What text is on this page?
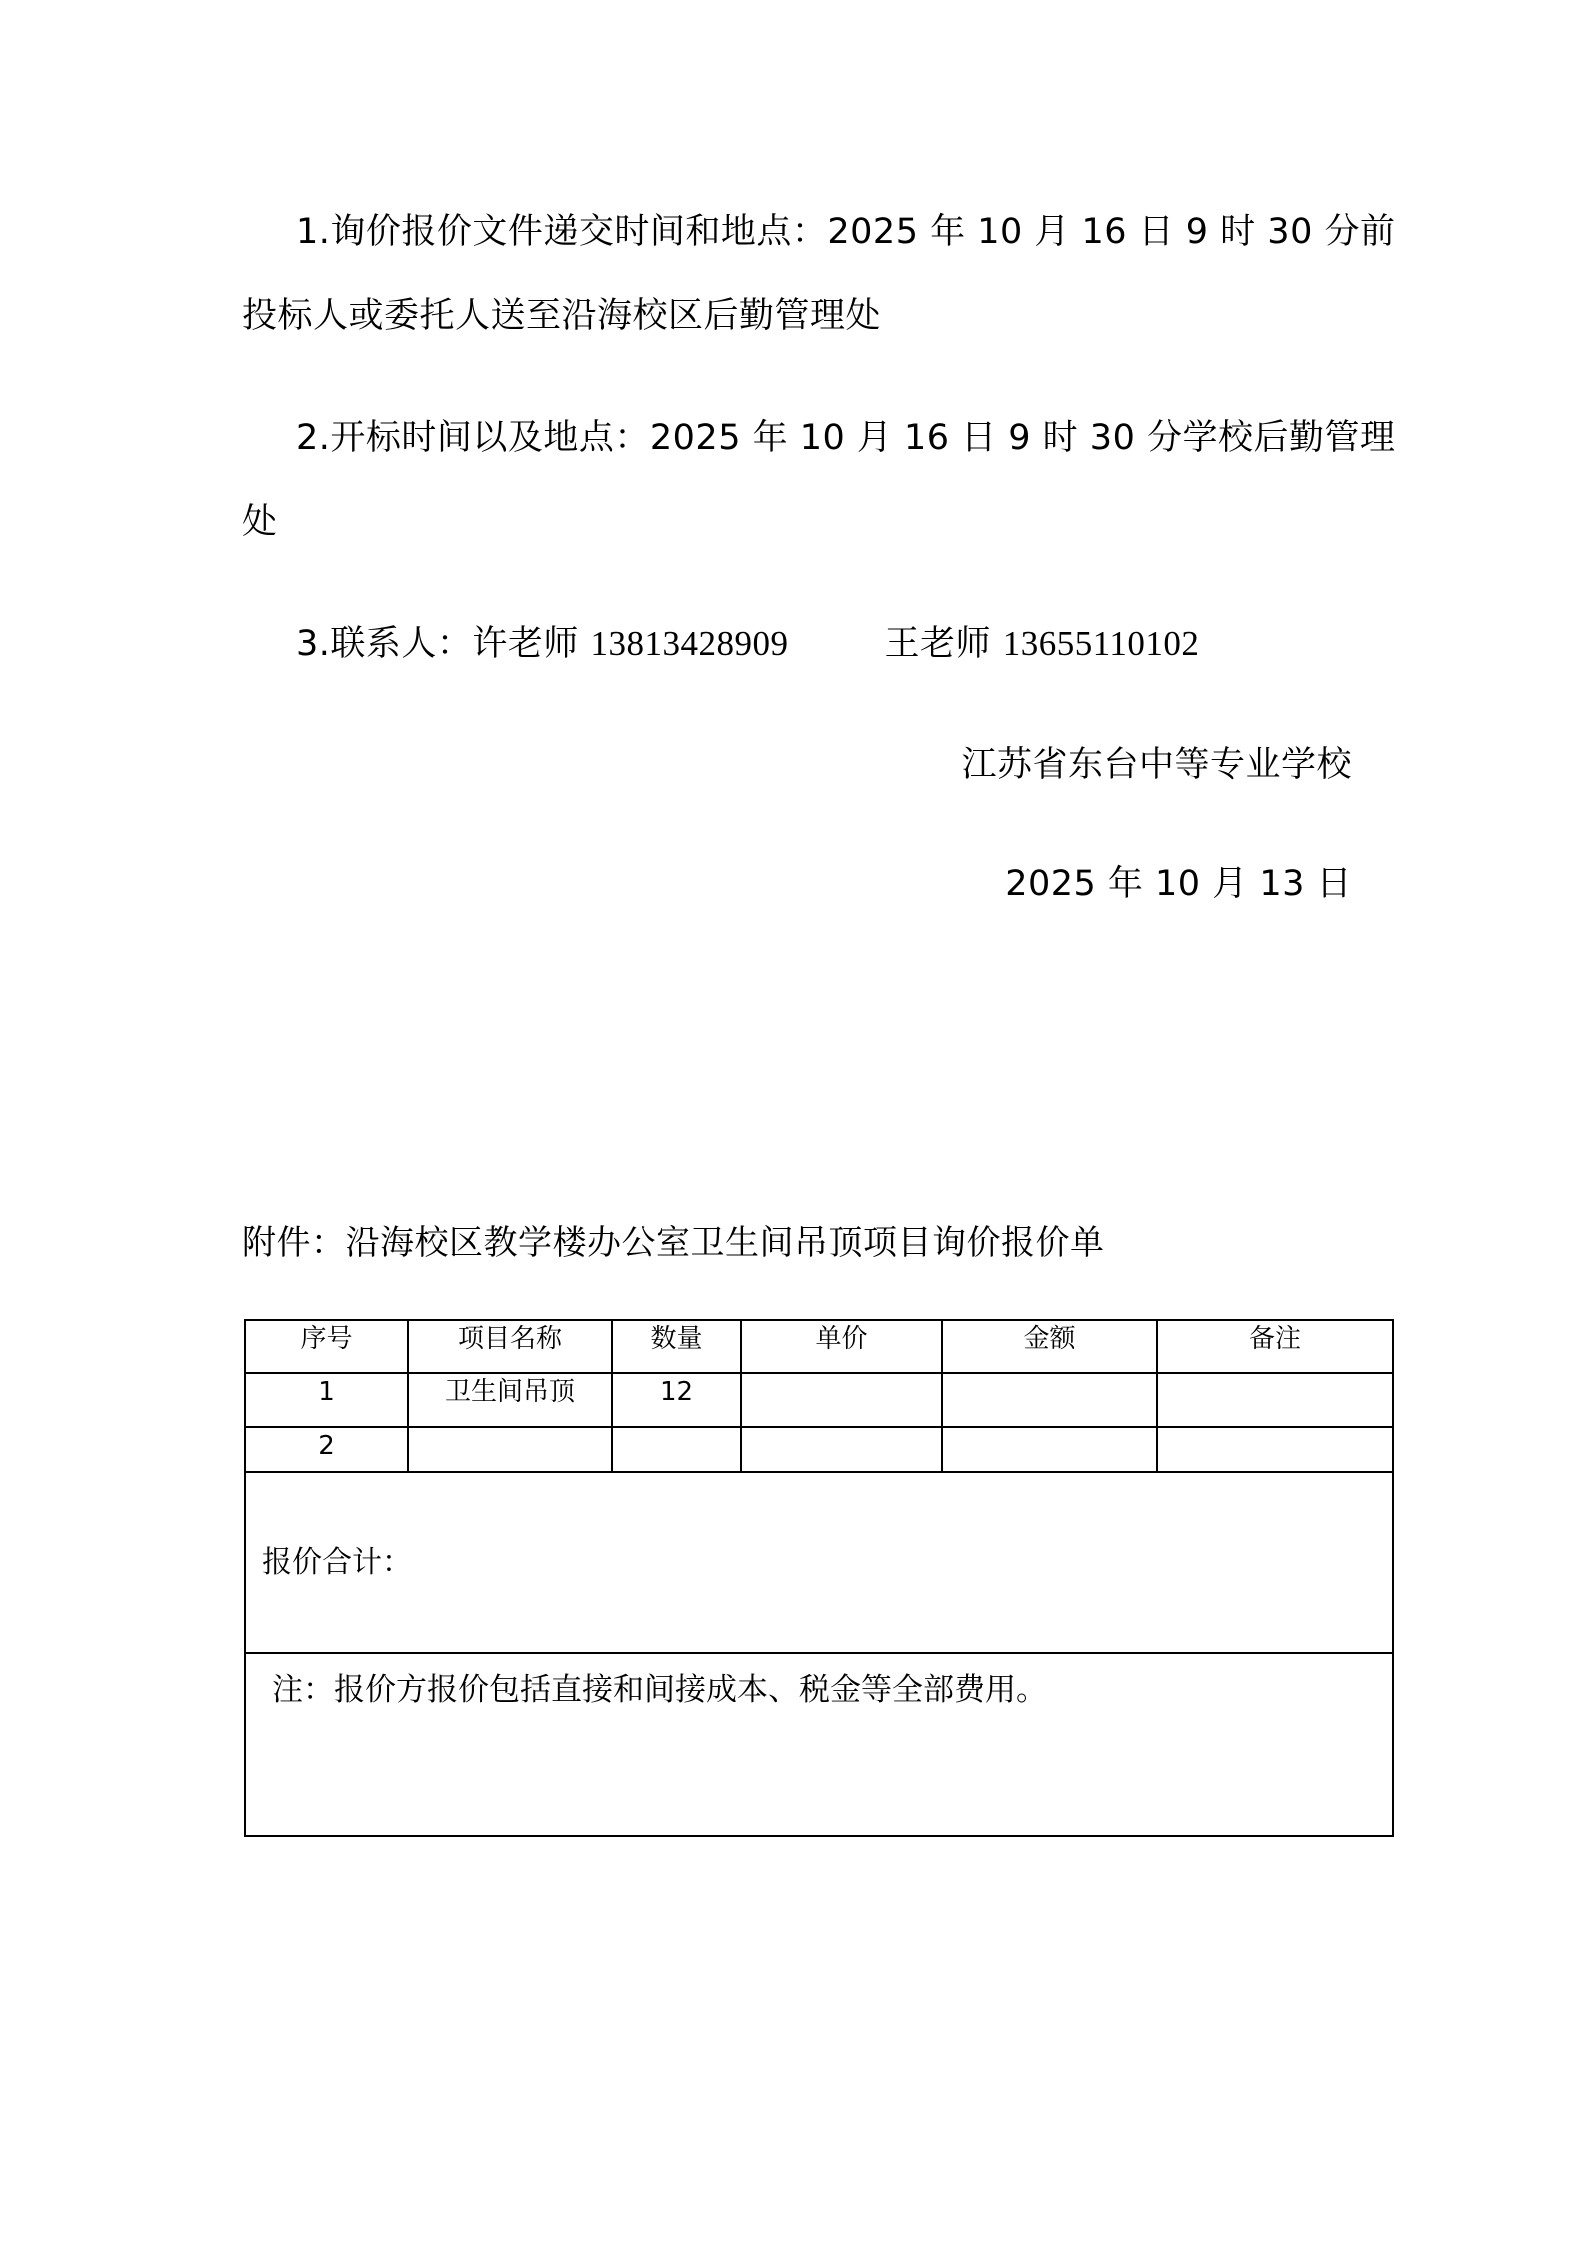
1.询价报价文件递交时间和地点：2025 年 10 月 16 日 9 时 30 分前
投标人或委托人送至沿海校区后勤管理处
2.开标时间以及地点：2025 年 10 月 16 日 9 时 30 分学校后勤管理
处
3.联系人：许老师 13813428909	王老师 13655110102
江苏省东台中等专业学校
2025 年 10 月 13 日
附件：沿海校区教学楼办公室卫生间吊顶项目询价报价单
序号	项目名称	数量	单价	金额	备注
1	卫生间吊顶	12			
2					
报价合计：					
注：报价方报价包括直接和间接成本、税金等全部费用。					
